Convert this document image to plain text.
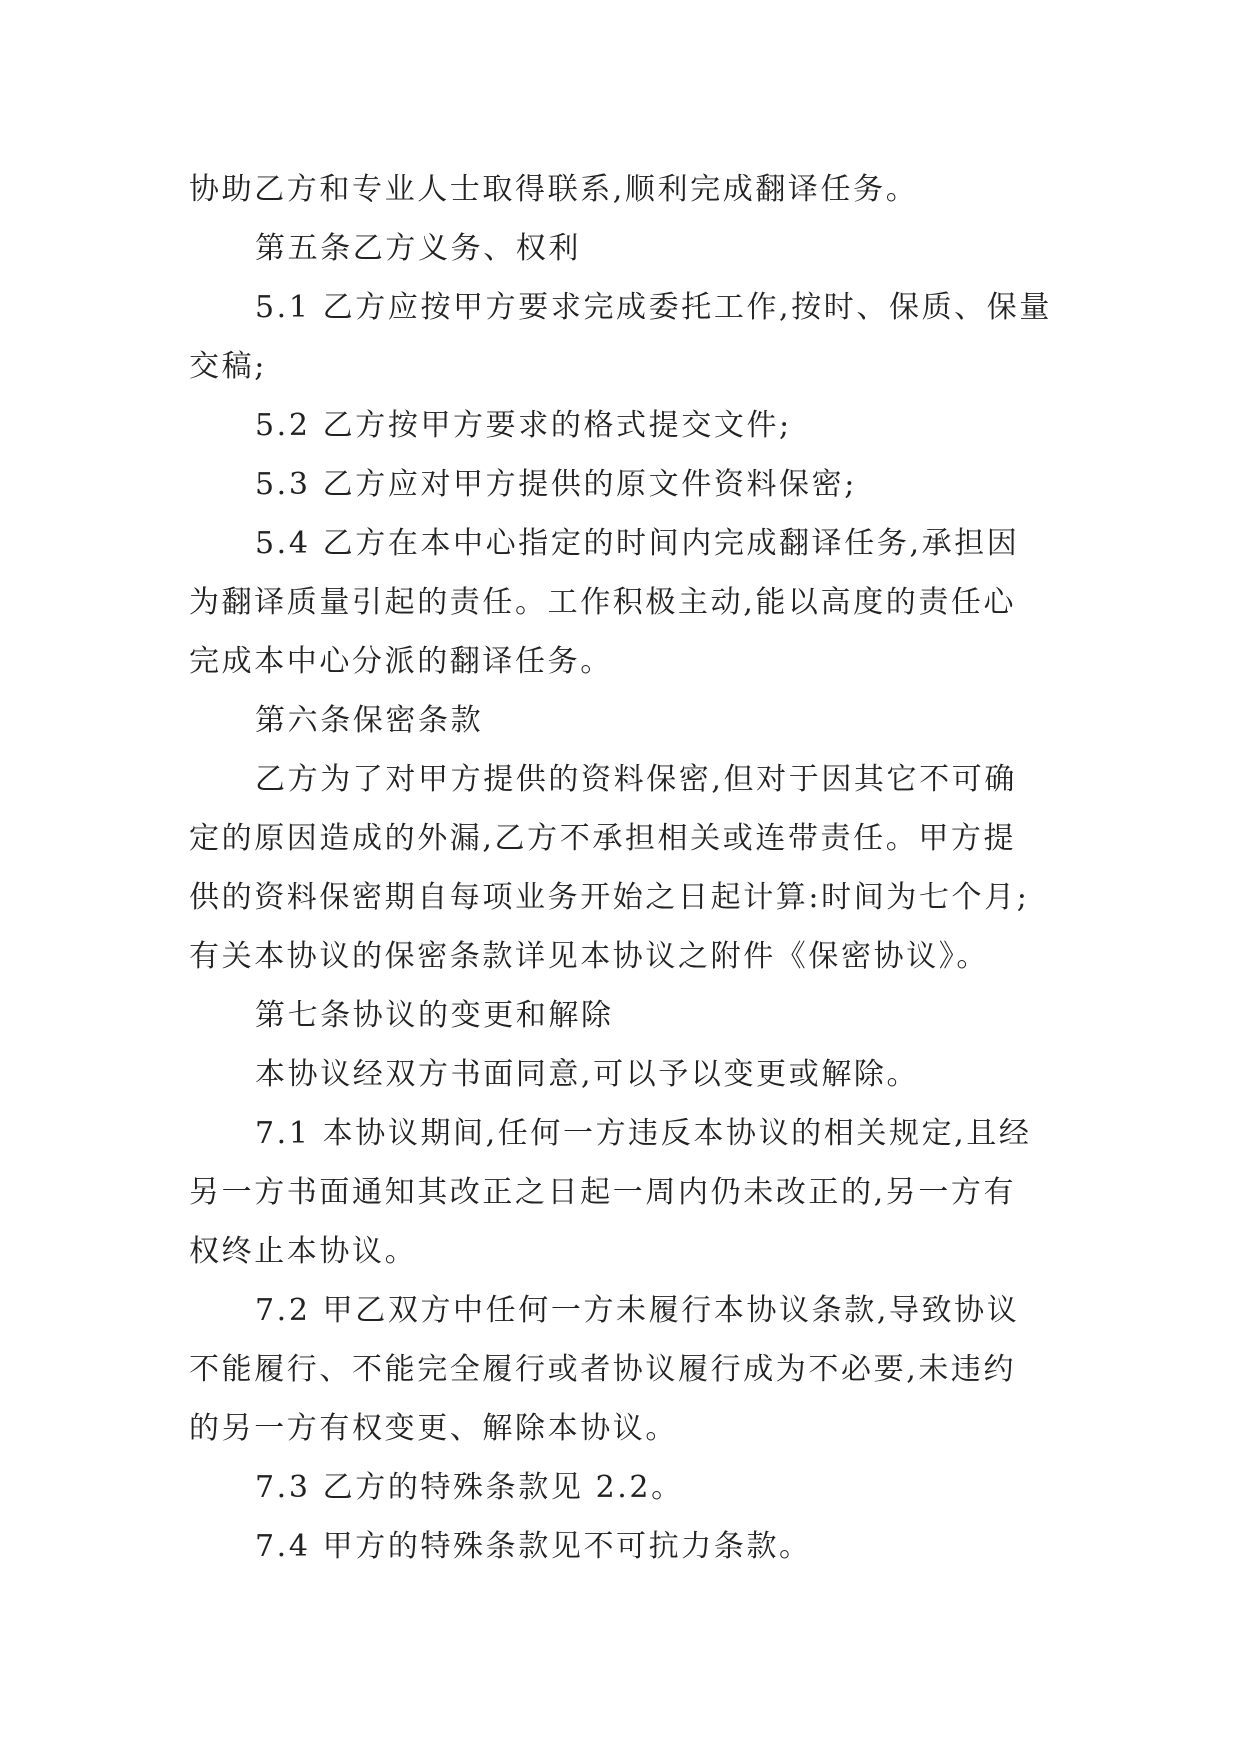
协助乙方和专业人士取得联系,顺利完成翻译任务。
第五条乙方义务、权利
5.1 乙方应按甲方要求完成委托工作,按时、保质、保量
交稿;
5.2 乙方按甲方要求的格式提交文件;
5.3 乙方应对甲方提供的原文件资料保密;
5.4 乙方在本中心指定的时间内完成翻译任务,承担因
为翻译质量引起的责任。工作积极主动,能以高度的责任心
完成本中心分派的翻译任务。
第六条保密条款
乙方为了对甲方提供的资料保密,但对于因其它不可确
定的原因造成的外漏,乙方不承担相关或连带责任。甲方提
供的资料保密期自每项业务开始之日起计算:时间为七个月;
有关本协议的保密条款详见本协议之附件《保密协议》。
第七条协议的变更和解除
本协议经双方书面同意,可以予以变更或解除。
7.1 本协议期间,任何一方违反本协议的相关规定,且经
另一方书面通知其改正之日起一周内仍未改正的,另一方有
权终止本协议。
7.2 甲乙双方中任何一方未履行本协议条款,导致协议
不能履行、不能完全履行或者协议履行成为不必要,未违约
的另一方有权变更、解除本协议。
7.3 乙方的特殊条款见 2.2。
7.4 甲方的特殊条款见不可抗力条款。
